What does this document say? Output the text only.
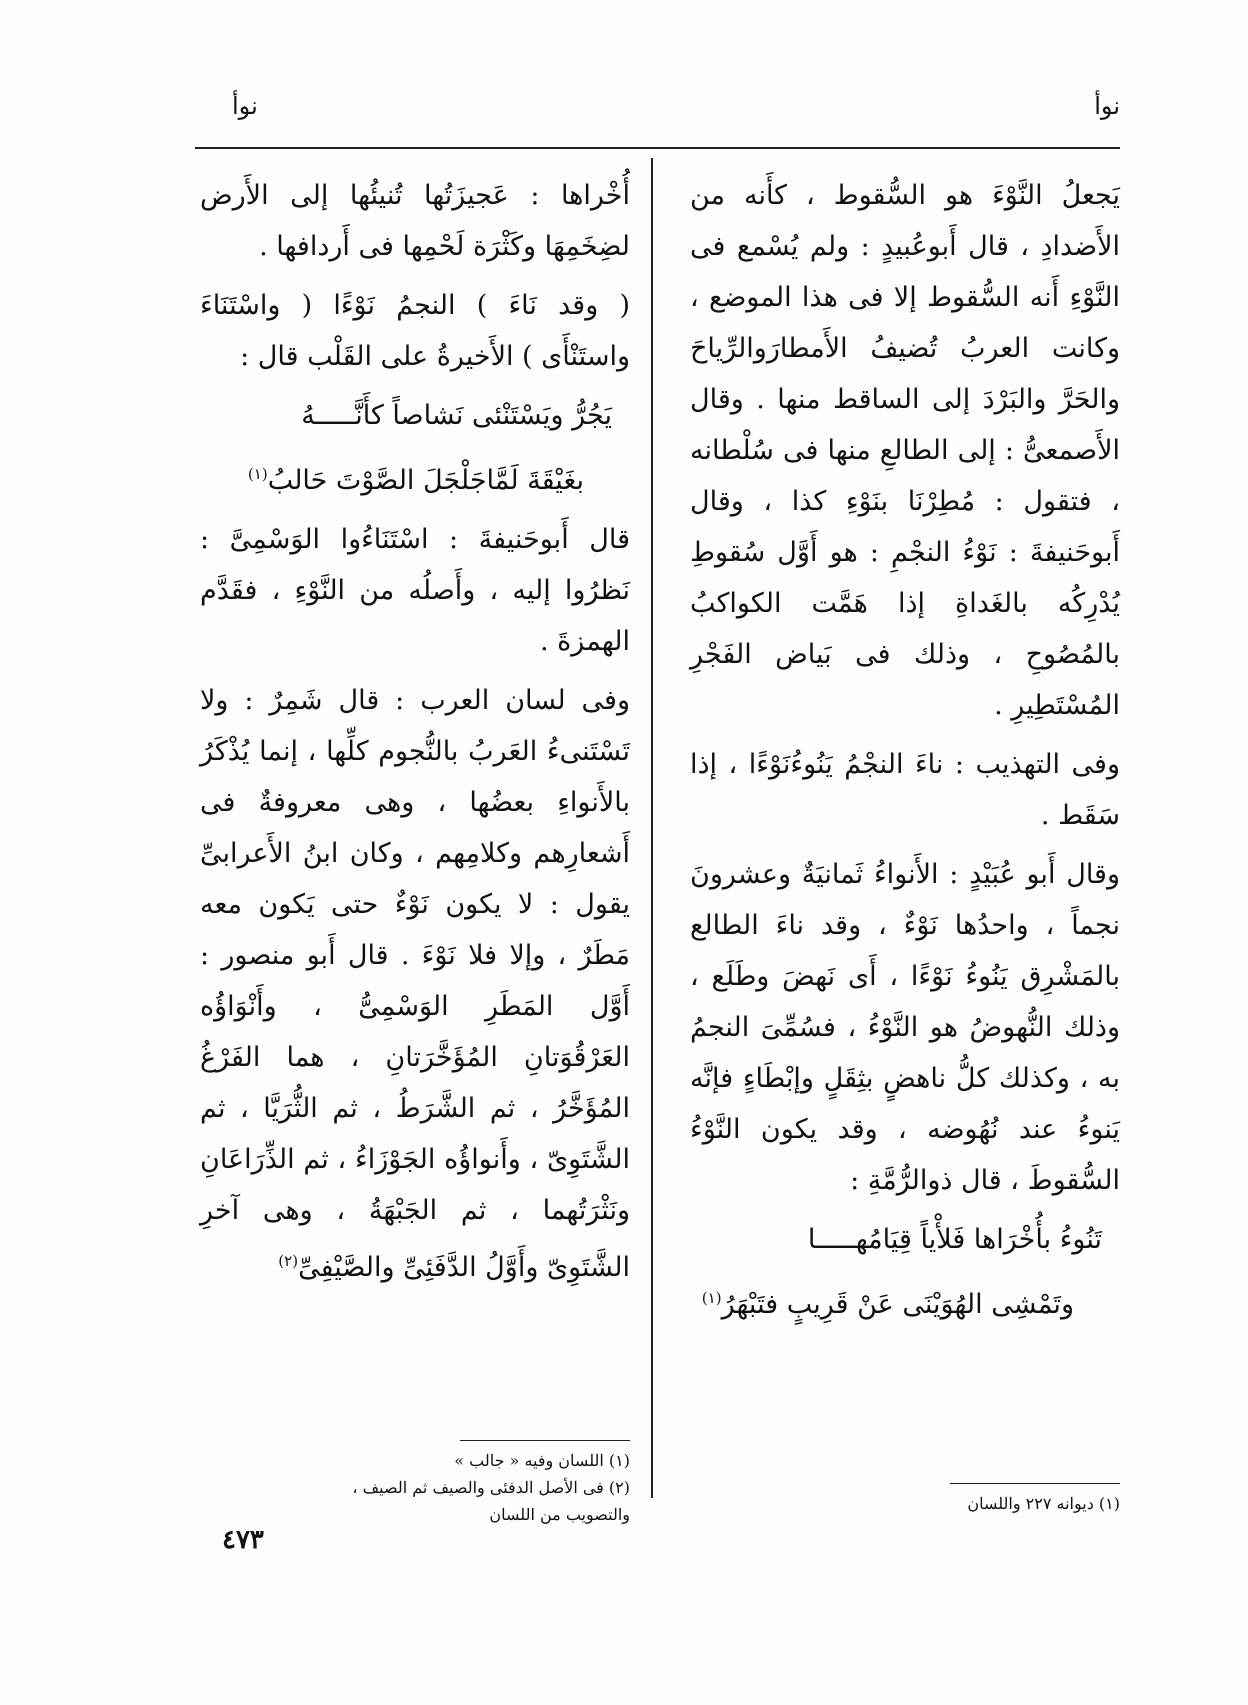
نوأ
نوأ

يَجعلُ النَّوْءَ هو السُّقوط ، كأَنه من الأَضدادِ ، قال أَبوعُبيدٍ : ولم يُسْمع فى النَّوْءِ أَنه السُّقوط إلا فى هذا الموضع ، وكانت العربُ تُضيفُ الأَمطارَوالرِّياحَ والحَرَّ والبَرْدَ إلى الساقط منها . وقال الأَصمعىُّ : إلى الطالعِ منها فى سُلْطانه ، فتقول : مُطِرْنَا بنَوْءِ كذا ، وقال أَبوحَنيفةَ : نَوْءُ النجْمِ : هو أَوَّل سُقوطِ يُدْرِكُه بالغَداةِ إذا هَمَّت الكواكبُ بالمُصُوحِ ، وذلك فى بَياض الفَجْرِ المُسْتَطِيرِ .

وفى التهذيب : ناءَ النجْمُ يَنُوءُنَوْءًا ، إذا سَقَط .

وقال أَبو عُبَيْدٍ : الأَنواءُ ثَمانيَةٌ وعشرونَ نجماً ، واحدُها نَوْءٌ ، وقد ناءَ الطالع بالمَشْرِق يَنُوءُ نَوْءًا ، أَى نَهضَ وطَلَع ، وذلك النُّهوضُ هو النَّوْءُ ، فسُمِّىَ النجمُ به ، وكذلك كلُّ ناهضٍ بثِقَلٍ وإبْطَاءٍ فإنَّه يَنوءُ عند نُهُوضه ، وقد يكون النَّوْءُ السُّقوطَ ، قال ذوالرُّمَّةِ :

تَنُوءُ بأُخْرَاها فَلأْياً قِيَامُهـــــا

وتَمْشِى الهُوَيْنَى عَنْ قَرِيبٍ فتَبْهَرُ$^{(١)}$

أُخْراها : عَجيزَتُها تُنيئُها إلى الأَرض لضِخَمِهَا وكَثْرَة لَحْمِها فى أَردافها .

( وقد نَاءَ ) النجمُ نَوْءًا ( واسْتَنَاءَ واستَنْأَى ) الأَخيرةُ على القَلْب قال :

يَجُرُّ ويَسْتَنْئى نَشاصاً كأَنَّـــــهُ

بغَيْقَةَ لَمَّاجَلْجَلَ الصَّوْتَ حَالبُ$^{(١)}$

قال أَبوحَنيفةَ : اسْتَنَاءُوا الوَسْمِىَّ : نَظرُوا إليه ، وأَصلُه من النَّوْءِ ، فقَدَّم الهمزةَ .

وفى لسان العرب : قال شَمِرٌ : ولا تَسْتَنىءُ العَربُ بالنُّجوم كلِّها ، إنما يُذْكَرُ بالأَنواءِ بعضُها ، وهى معروفةٌ فى أَشعارِهم وكلامِهم ، وكان ابنُ الأَعرابىِّ يقول : لا يكون نَوْءٌ حتى يَكون معه مَطَرٌ ، وإلا فلا نَوْءَ . قال أَبو منصور : أَوَّل المَطَرِ الوَسْمِىُّ ، وأَنْوَاؤُه العَرْقُوَتانِ المُؤَخَّرَتانِ ، هما الفَرْغُ المُؤَخَّرُ ، ثم الشَّرَطُ ، ثم الثُّرَيَّا ، ثم الشَّتَوِىّ ، وأَنواؤُه الجَوْزَاءُ ، ثم الذِّرَاعَانِ ونَثْرَتُهما ، ثم الجَبْهَةُ ، وهى آخرِ الشَّتَوِىّ وأَوَّلُ الدَّفَئِىِّ والصَّيْفِىِّ$^{(٢)}$

(١) ديوانه ٢٢٧ واللسان

(١) اللسان وفيه « جالب »

(٢) فى الأصل الدفئى والصيف ثم الصيف ، والتصويب من اللسان

٤٧٣
